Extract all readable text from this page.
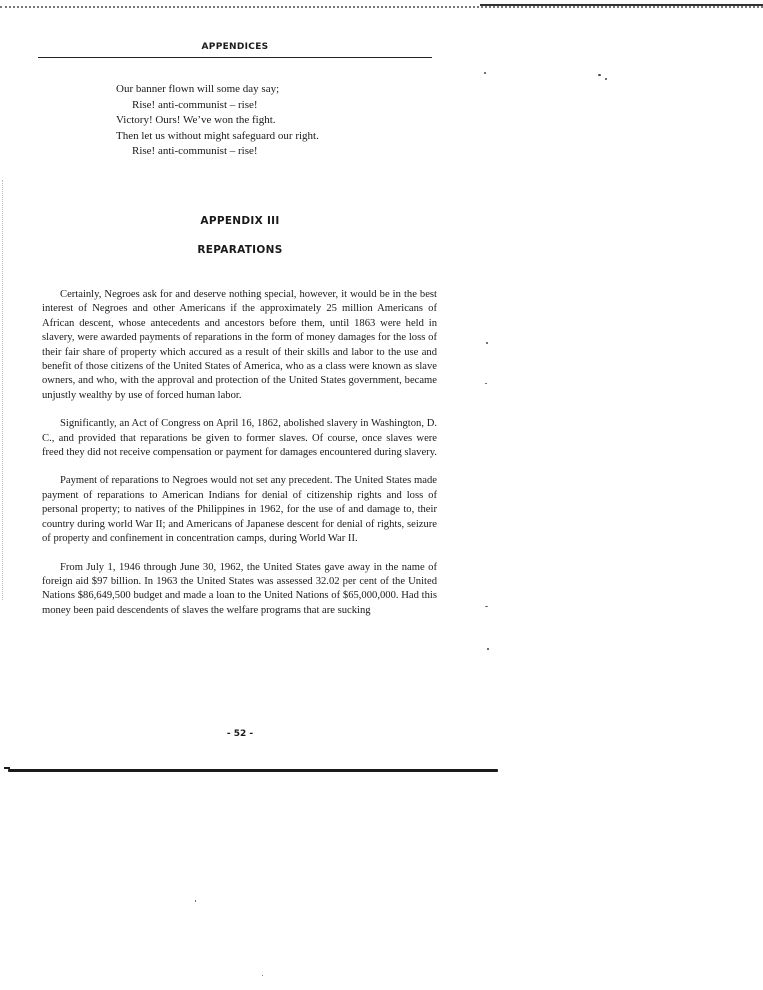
APPENDICES
Our banner flown will some day say;
Rise! anti-communist – rise!
Victory! Ours! We’ve won the fight.
Then let us without might safeguard our right.
Rise! anti-communist – rise!
APPENDIX III
REPARATIONS

Certainly, Negroes ask for and deserve nothing special, however, it would be in the best interest of Negroes and other Americans if the approximately 25 million Americans of African descent, whose antecedents and ancestors before them, until 1863 were held in slavery, were awarded payments of reparations in the form of money damages for the loss of their fair share of property which accured as a result of their skills and labor to the use and benefit of those citizens of the United States of America, who as a class were known as slave owners, and who, with the approval and protection of the United States government, became unjustly wealthy by use of forced human labor.

Significantly, an Act of Congress on April 16, 1862, abolished slavery in Washington, D. C., and provided that reparations be given to former slaves. Of course, once slaves were freed they did not receive compensation or payment for damages encountered during slavery.

Payment of reparations to Negroes would not set any precedent. The United States made payment of reparations to American Indians for denial of citizenship rights and loss of personal property; to natives of the Philippines in 1962, for the use of and damage to, their country during world War II; and Americans of Japanese descent for denial of rights, seizure of property and confinement in concentration camps, during World War II.

From July 1, 1946 through June 30, 1962, the United States gave away in the name of foreign aid $97 billion. In 1963 the United States was assessed 32.02 per cent of the United Nations $86,649,500 budget and made a loan to the United Nations of $65,000,000. Had this money been paid descendents of slaves the welfare programs that are sucking

- 52 -
